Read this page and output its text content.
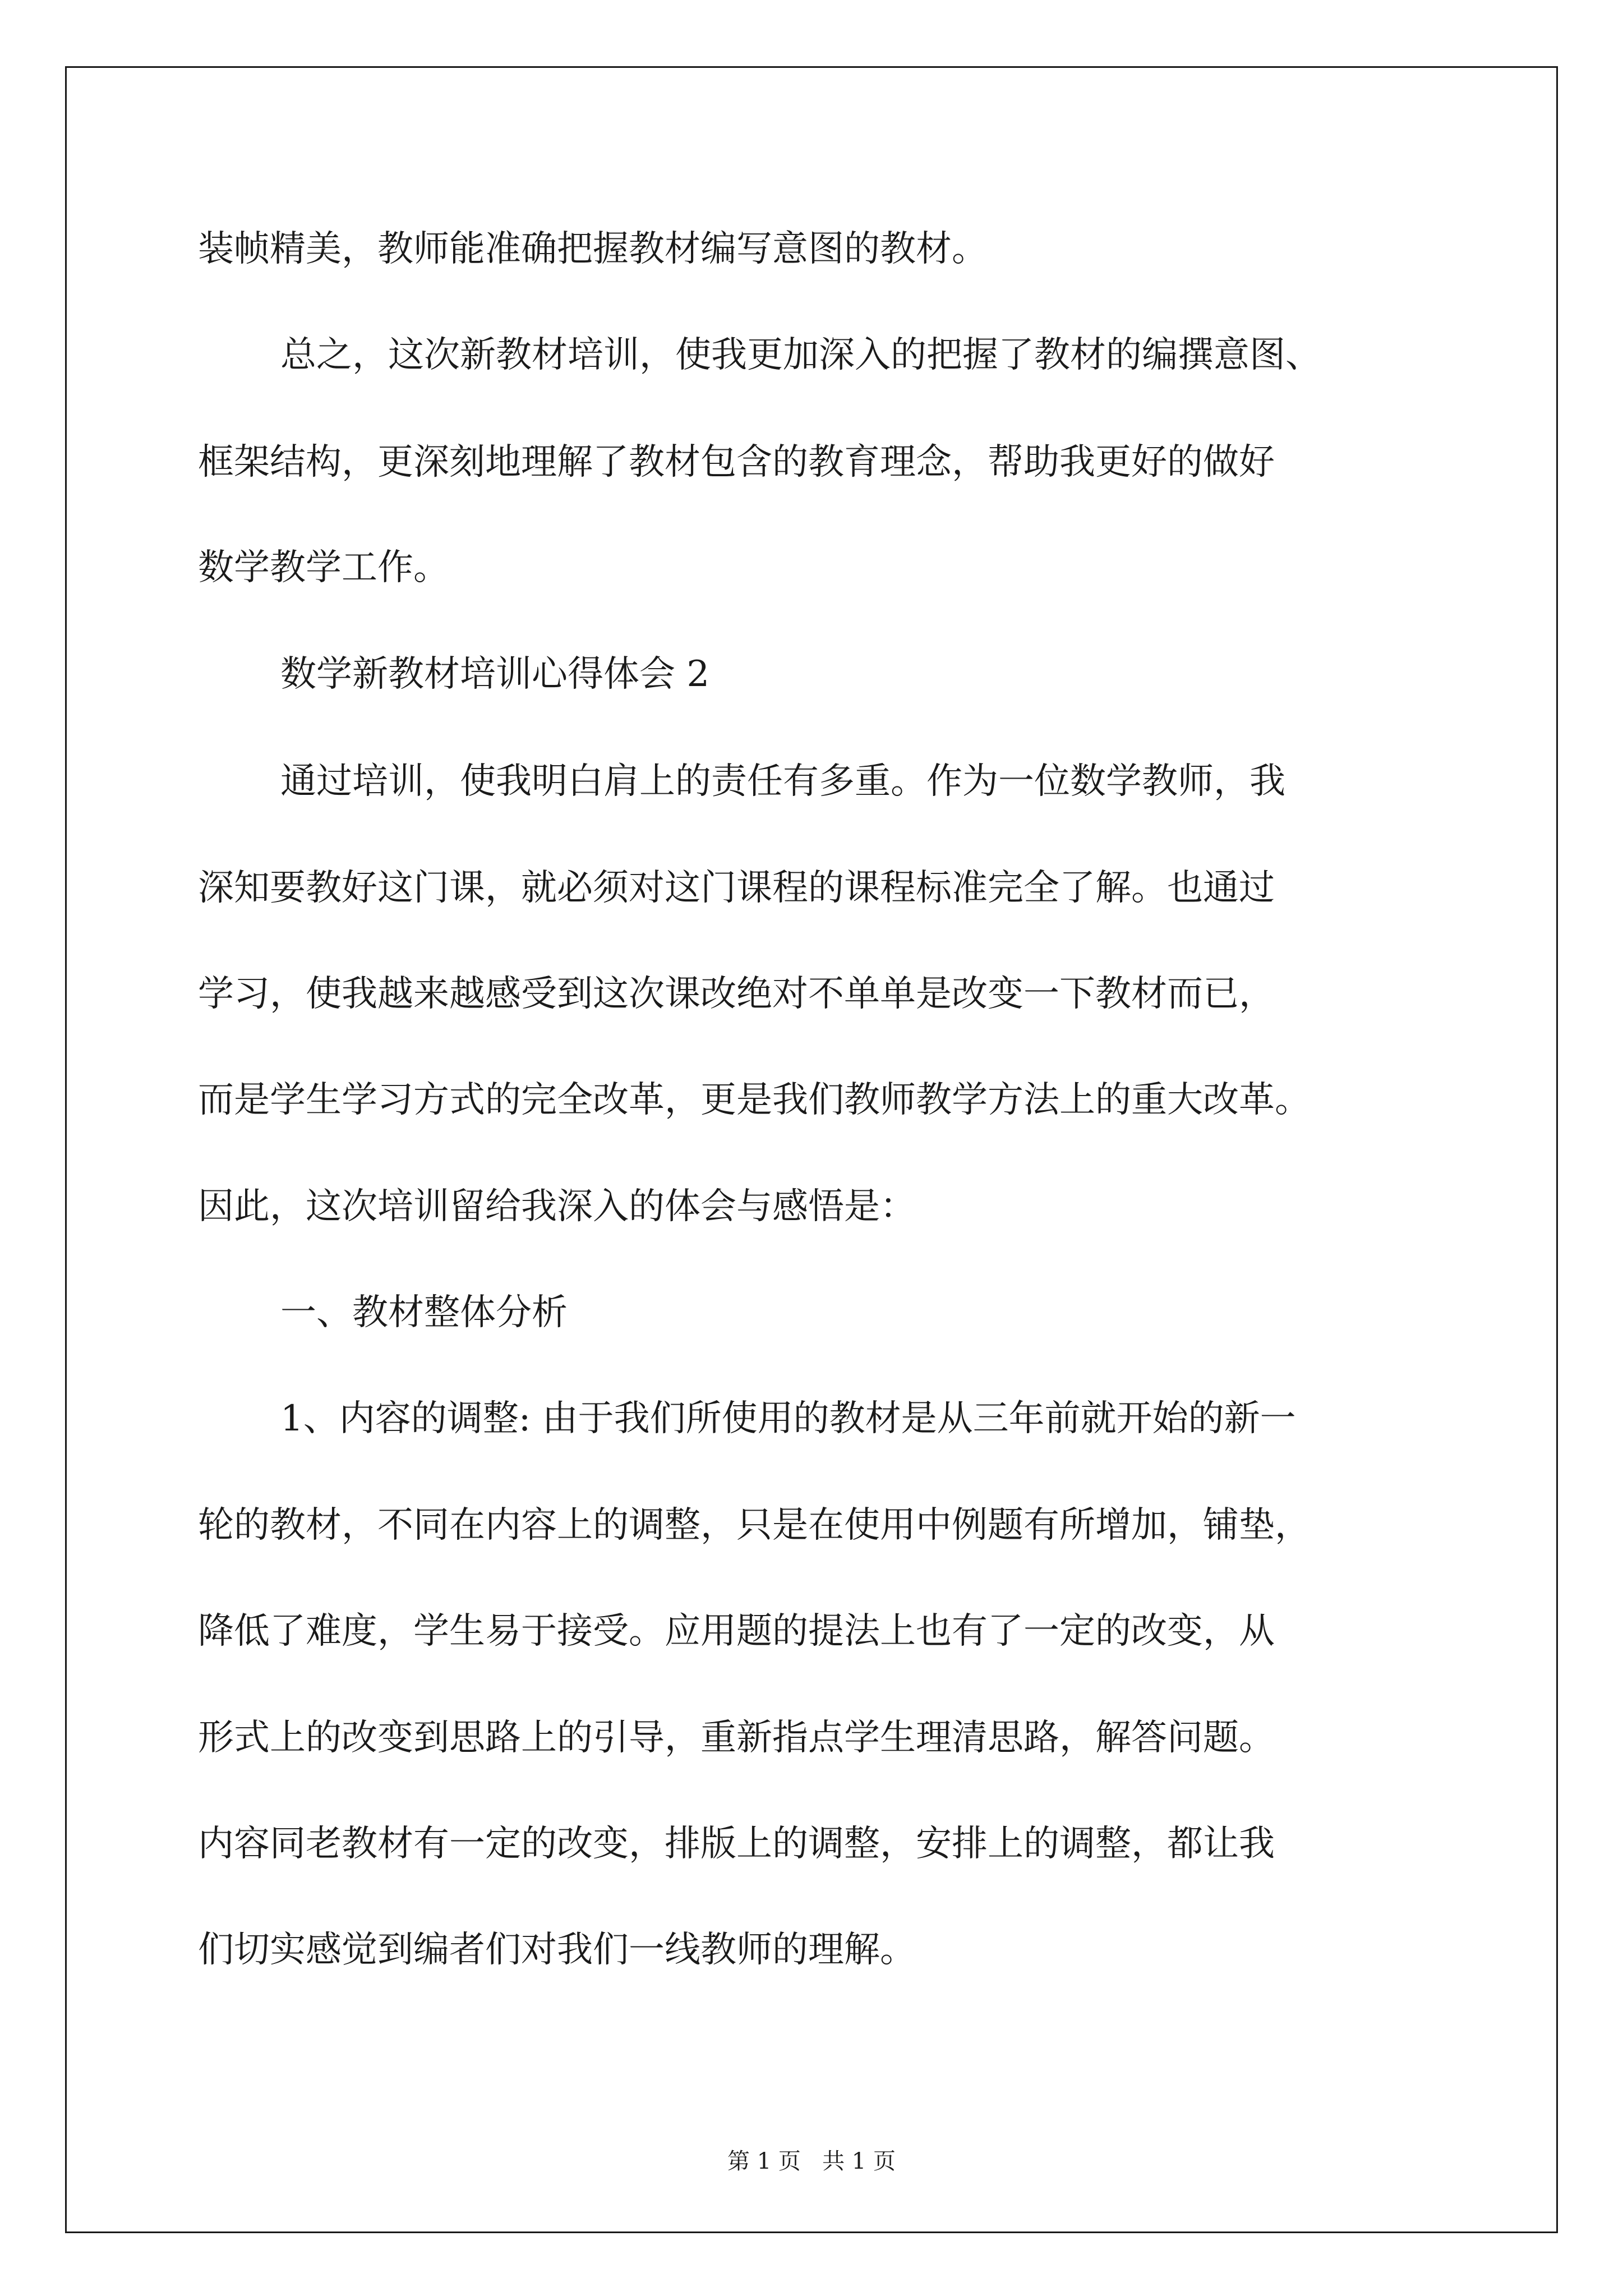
装帧精美，教师能准确把握教材编写意图的教材。

总之，这次新教材培训，使我更加深入的把握了教材的编撰意图、

框架结构，更深刻地理解了教材包含的教育理念，帮助我更好的做好

数学教学工作。

数学新教材培训心得体会 2

通过培训，使我明白肩上的责任有多重。作为一位数学教师，我

深知要教好这门课，就必须对这门课程的课程标准完全了解。也通过

学习，使我越来越感受到这次课改绝对不单单是改变一下教材而已，

而是学生学习方式的完全改革，更是我们教师教学方法上的重大改革。

因此，这次培训留给我深入的体会与感悟是：

一、教材整体分析

1、内容的调整: 由于我们所使用的教材是从三年前就开始的新一

轮的教材，不同在内容上的调整，只是在使用中例题有所增加，铺垫，

降低了难度，学生易于接受。应用题的提法上也有了一定的改变，从

形式上的改变到思路上的引导，重新指点学生理清思路，解答问题。

内容同老教材有一定的改变，排版上的调整，安排上的调整，都让我

们切实感觉到编者们对我们一线教师的理解。

第 1 页   共 1 页
